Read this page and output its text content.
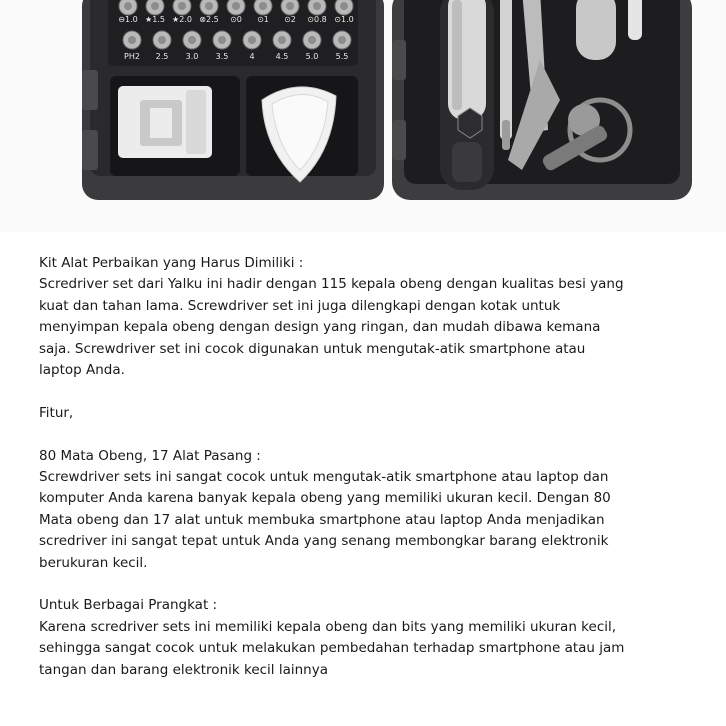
⊖1.0 ★1.5 ★2.0 ⊗2.5 ⊙0 ⊙1 ⊙2 ⊙0.8 ⊙1.0
PH2 2.5 3.0 3.5	4	4.5 5.0 5.5

Kit Alat Perbaikan yang Harus Dimiliki :

Scredriver set dari Yalku ini hadir dengan 115 kepala obeng dengan kualitas besi yang

kuat dan tahan lama. Screwdriver set ini juga dilengkapi dengan kotak untuk

menyimpan kepala obeng dengan design yang ringan, dan mudah dibawa kemana

saja. Screwdriver set ini cocok digunakan untuk mengutak-atik smartphone atau

laptop Anda.

Fitur,

80 Mata Obeng, 17 Alat Pasang :

Screwdriver sets ini sangat cocok untuk mengutak-atik smartphone atau laptop dan

komputer Anda karena banyak kepala obeng yang memiliki ukuran kecil. Dengan 80

Mata obeng dan 17 alat untuk membuka smartphone atau laptop Anda menjadikan

scredriver ini sangat tepat untuk Anda yang senang membongkar barang elektronik

berukuran kecil.

Untuk Berbagai Prangkat :

Karena scredriver sets ini memiliki kepala obeng dan bits yang memiliki ukuran kecil,

sehingga sangat cocok untuk melakukan pembedahan terhadap smartphone atau jam

tangan dan barang elektronik kecil lainnya
